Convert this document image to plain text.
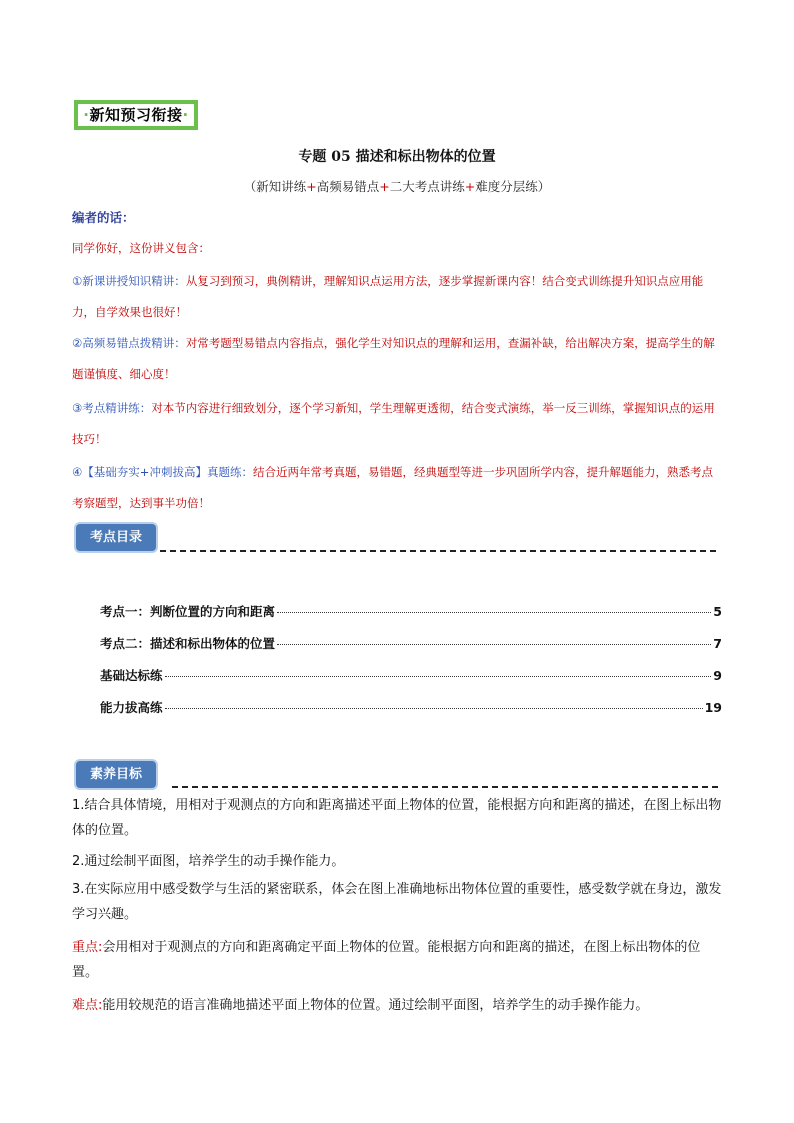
·新知预习衔接·
专题 05 描述和标出物体的位置
（新知讲练+高频易错点+二大考点讲练+难度分层练）
编者的话：
同学你好，这份讲义包含：
①新课讲授知识精讲：从复习到预习，典例精讲，理解知识点运用方法，逐步掌握新课内容！结合变式训练提升知识点应用能力，自学效果也很好！
②高频易错点拨精讲：对常考题型易错点内容指点，强化学生对知识点的理解和运用，查漏补缺，给出解决方案，提高学生的解题谨慎度、细心度！
③考点精讲练：对本节内容进行细致划分，逐个学习新知，学生理解更透彻，结合变式演练，举一反三训练，掌握知识点的运用技巧！
④【基础夯实+冲刺拔高】真题练：结合近两年常考真题，易错题，经典题型等进一步巩固所学内容，提升解题能力，熟悉考点考察题型，达到事半功倍！
考点目录
考点一：判断位置的方向和距离	5
考点二：描述和标出物体的位置	7
基础达标练	9
能力拔高练	19
素养目标
1.结合具体情境，用相对于观测点的方向和距离描述平面上物体的位置，能根据方向和距离的描述，在图上标出物体的位置。
2.通过绘制平面图，培养学生的动手操作能力。
3.在实际应用中感受数学与生活的紧密联系，体会在图上准确地标出物体位置的重要性，感受数学就在身边，激发学习兴趣。
重点:会用相对于观测点的方向和距离确定平面上物体的位置。能根据方向和距离的描述，在图上标出物体的位置。
难点:能用较规范的语言准确地描述平面上物体的位置。通过绘制平面图，培养学生的动手操作能力。
